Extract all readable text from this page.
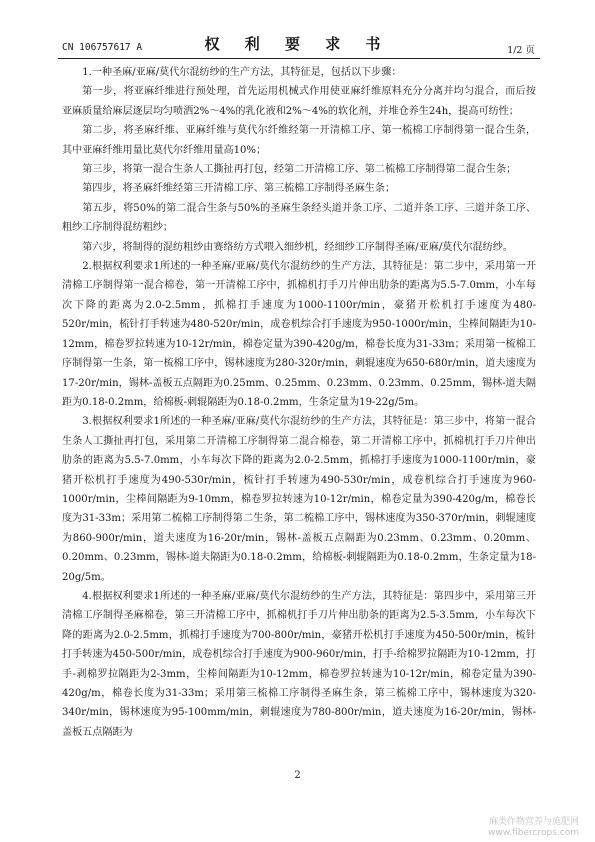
CN 106757617 A	权 利 要 求 书	1/2 页

1.一种圣麻/亚麻/莫代尔混纺纱的生产方法，其特征是，包括以下步骤：

第一步，将亚麻纤维进行预处理，首先运用机械式作用使亚麻纤维原料充分分离并均匀混合，而后按亚麻质量给麻层逐层均匀喷洒2%～4%的乳化液和2%～4%的软化剂，并堆仓养生24h，提高可纺性；

第二步，将圣麻纤维、亚麻纤维与莫代尔纤维经第一开清棉工序、第一梳棉工序制得第一混合生条，其中亚麻纤维用量比莫代尔纤维用量高10%；

第三步，将第一混合生条人工撕扯再打包，经第二开清棉工序、第二梳棉工序制得第二混合生条；

第四步，将圣麻纤维经第三开清棉工序、第三梳棉工序制得圣麻生条；

第五步，将50%的第二混合生条与50%的圣麻生条经头道并条工序、二道并条工序、三道并条工序、粗纱工序制得混纺粗纱；

第六步，将制得的混纺粗纱由赛络纺方式喂入细纱机，经细纱工序制得圣麻/亚麻/莫代尔混纺纱。

2.根据权利要求1所述的一种圣麻/亚麻/莫代尔混纺纱的生产方法，其特征是：第二步中，采用第一开清棉工序制得第一混合棉卷，第一开清棉工序中，抓棉机打手刀片伸出肋条的距离为5.5-7.0mm，小车每次下降的距离为2.0-2.5mm，抓棉打手速度为1000-1100r/min，豪猪开松机打手速度为480-520r/min，梳针打手转速为480-520r/min，成卷机综合打手速度为950-1000r/min，尘棒间隔距为10-12mm，棉卷罗拉转速为10-12r/min，棉卷定量为390-420g/m，棉卷长度为31-33m；采用第一梳棉工序制得第一生条，第一梳棉工序中，锡林速度为280-320r/min，刺辊速度为650-680r/min，道夫速度为17-20r/min，锡林-盖板五点隔距为0.25mm、0.25mm、0.23mm、0.23mm、0.25mm，锡林-道夫隔距为0.18-0.2mm，给棉板-刺辊隔距为0.18-0.2mm，生条定量为19-22g/5m。

3.根据权利要求1所述的一种圣麻/亚麻/莫代尔混纺纱的生产方法，其特征是：第三步中，将第一混合生条人工撕扯再打包，采用第二开清棉工序制得第二混合棉卷，第二开清棉工序中，抓棉机打手刀片伸出肋条的距离为5.5-7.0mm，小车每次下降的距离为2.0-2.5mm，抓棉打手速度为1000-1100r/min，豪猪开松机打手速度为490-530r/min，梳针打手转速为490-530r/min，成卷机综合打手速度为960-1000r/min，尘棒间隔距为9-10mm，棉卷罗拉转速为10-12r/min，棉卷定量为390-420g/m，棉卷长度为31-33m；采用第二梳棉工序制得第二生条，第二梳棉工序中，锡林速度为350-370r/min，刺辊速度为860-900r/min，道夫速度为16-20r/min，锡林-盖板五点隔距为0.23mm、0.23mm、0.20mm、0.20mm、0.23mm，锡林-道夫隔距为0.18-0.2mm，给棉板-刺辊隔距为0.18-0.2mm，生条定量为18-20g/5m。

4.根据权利要求1所述的一种圣麻/亚麻/莫代尔混纺纱的生产方法，其特征是：第四步中，采用第三开清棉工序制得圣麻棉卷，第三开清棉工序中，抓棉机打手刀片伸出肋条的距离为2.5-3.5mm，小车每次下降的距离为2.0-2.5mm，抓棉打手速度为700-800r/min，豪猪开松机打手速度为450-500r/min，梳针打手转速为450-500r/min，成卷机综合打手速度为900-960r/min，打手-给棉罗拉隔距为10-12mm，打手-剥棉罗拉隔距为2-3mm，尘棒间隔距为10-12mm，棉卷罗拉转速为10-12r/min，棉卷定量为390-420g/m，棉卷长度为31-33m；采用第三梳棉工序制得圣麻生条，第三梳棉工序中，锡林速度为320-340r/min，锡林速度为95-100mm/min，刺辊速度为780-800r/min，道夫速度为16-20r/min，锡林-盖板五点隔距为

2
麻类作物营养与施肥网
www.fibercrops.com
